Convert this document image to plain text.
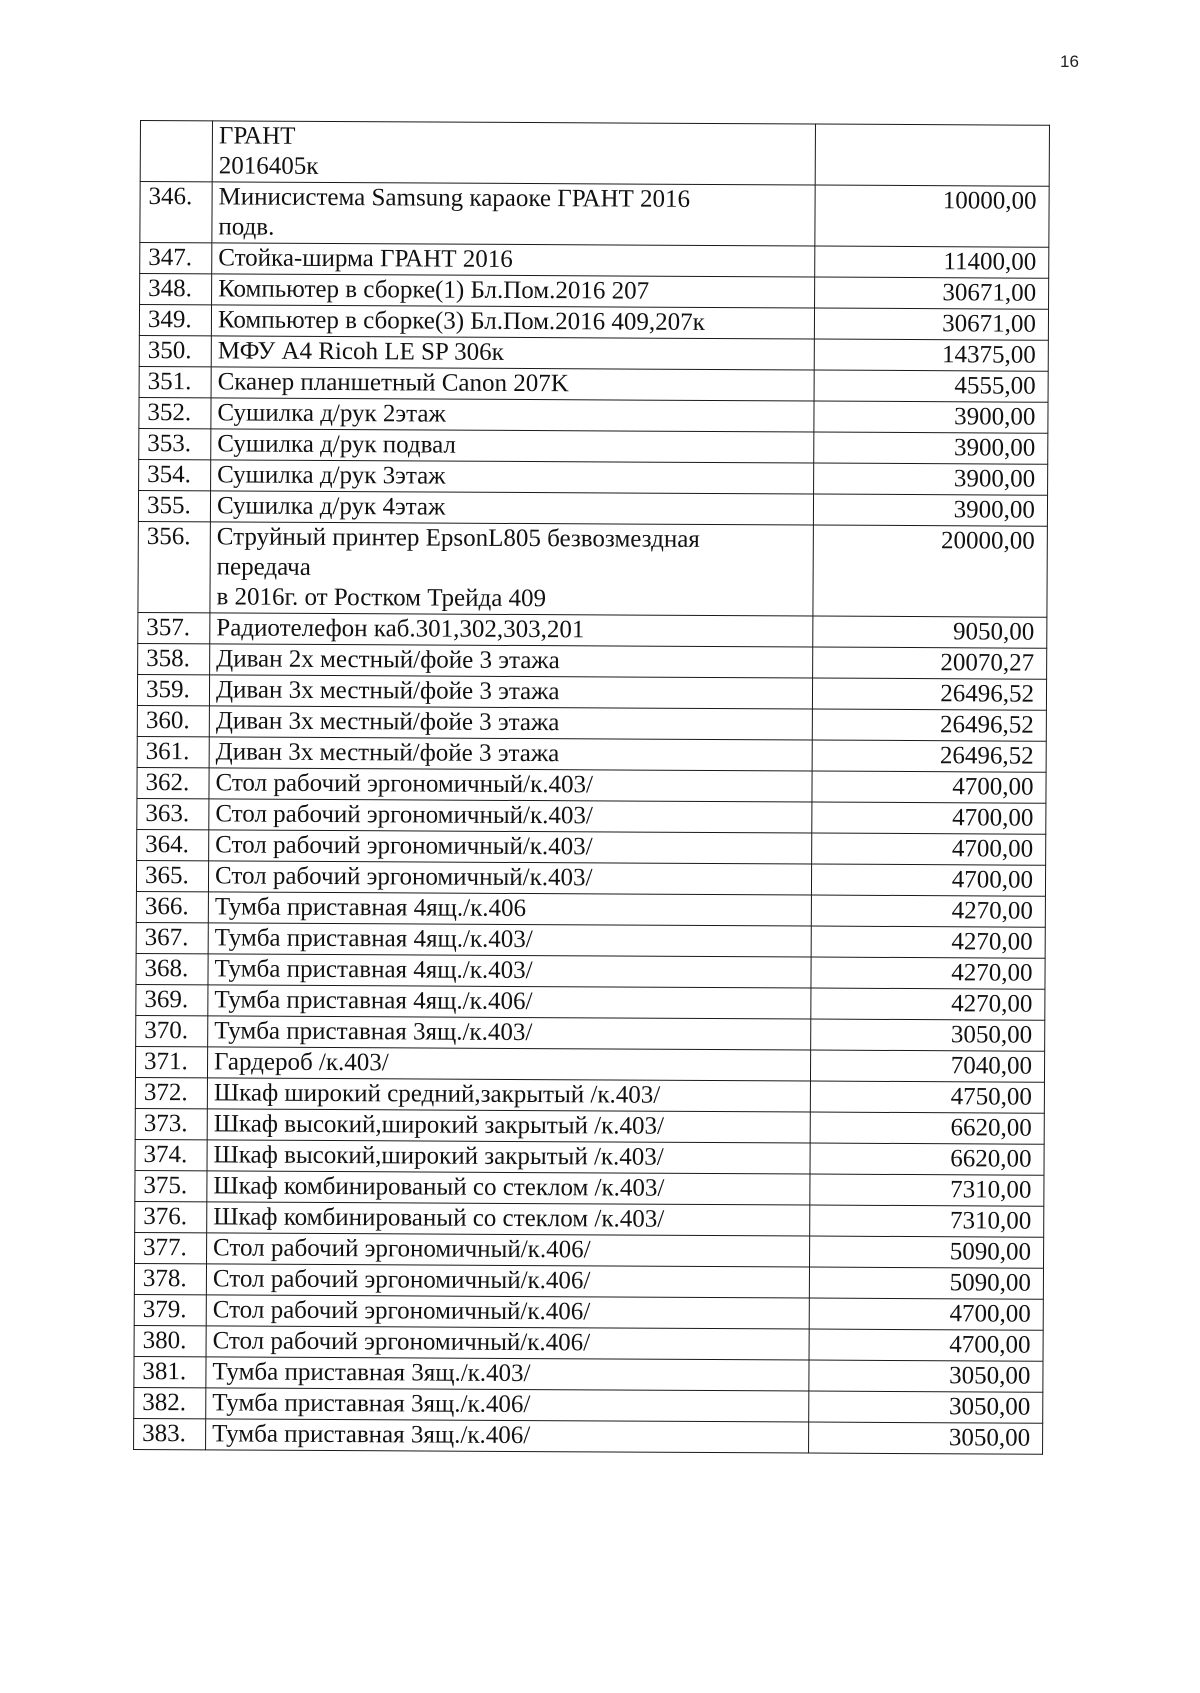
16

	ГРАНТ
2016405к	

346.	Минисистема Samsung караоке ГРАНТ 2016
подв.	10000,00
347.	Стойка-ширма ГРАНТ 2016	11400,00
348.	Компьютер в сборке(1) Бл.Пом.2016 207	30671,00
349.	Компьютер в сборке(3) Бл.Пом.2016 409,207к	30671,00
350.	МФУ A4 Ricoh LE SP 306к	14375,00
351.	Сканер планшетный Canon 207K	4555,00
352.	Сушилка д/рук 2этаж	3900,00
353.	Сушилка д/рук подвал	3900,00
354.	Сушилка д/рук 3этаж	3900,00
355.	Сушилка д/рук 4этаж	3900,00
356.	Струйный принтер EpsonL805 безвозмездная
передача
в 2016г. от Ростком Трейда 409	20000,00
357.	Радиотелефон каб.301,302,303,201	9050,00
358.	Диван 2х местный/фойе 3 этажа	20070,27
359.	Диван 3х местный/фойе 3 этажа	26496,52
360.	Диван 3х местный/фойе 3 этажа	26496,52
361.	Диван 3х местный/фойе 3 этажа	26496,52
362.	Стол рабочий эргономичный/к.403/	4700,00
363.	Стол рабочий эргономичный/к.403/	4700,00
364.	Стол рабочий эргономичный/к.403/	4700,00
365.	Стол рабочий эргономичный/к.403/	4700,00
366.	Тумба приставная 4ящ./к.406	4270,00
367.	Тумба приставная 4ящ./к.403/	4270,00
368.	Тумба приставная 4ящ./к.403/	4270,00
369.	Тумба приставная 4ящ./к.406/	4270,00
370.	Тумба приставная 3ящ./к.403/	3050,00
371.	Гардероб /к.403/	7040,00
372.	Шкаф широкий средний,закрытый /к.403/	4750,00
373.	Шкаф высокий,широкий закрытый /к.403/	6620,00
374.	Шкаф высокий,широкий закрытый /к.403/	6620,00
375.	Шкаф комбинированый со стеклом /к.403/	7310,00
376.	Шкаф комбинированый со стеклом /к.403/	7310,00
377.	Стол рабочий эргономичный/к.406/	5090,00
378.	Стол рабочий эргономичный/к.406/	5090,00
379.	Стол рабочий эргономичный/к.406/	4700,00
380.	Стол рабочий эргономичный/к.406/	4700,00
381.	Тумба приставная 3ящ./к.403/	3050,00
382.	Тумба приставная 3ящ./к.406/	3050,00
383.	Тумба приставная 3ящ./к.406/	3050,00
